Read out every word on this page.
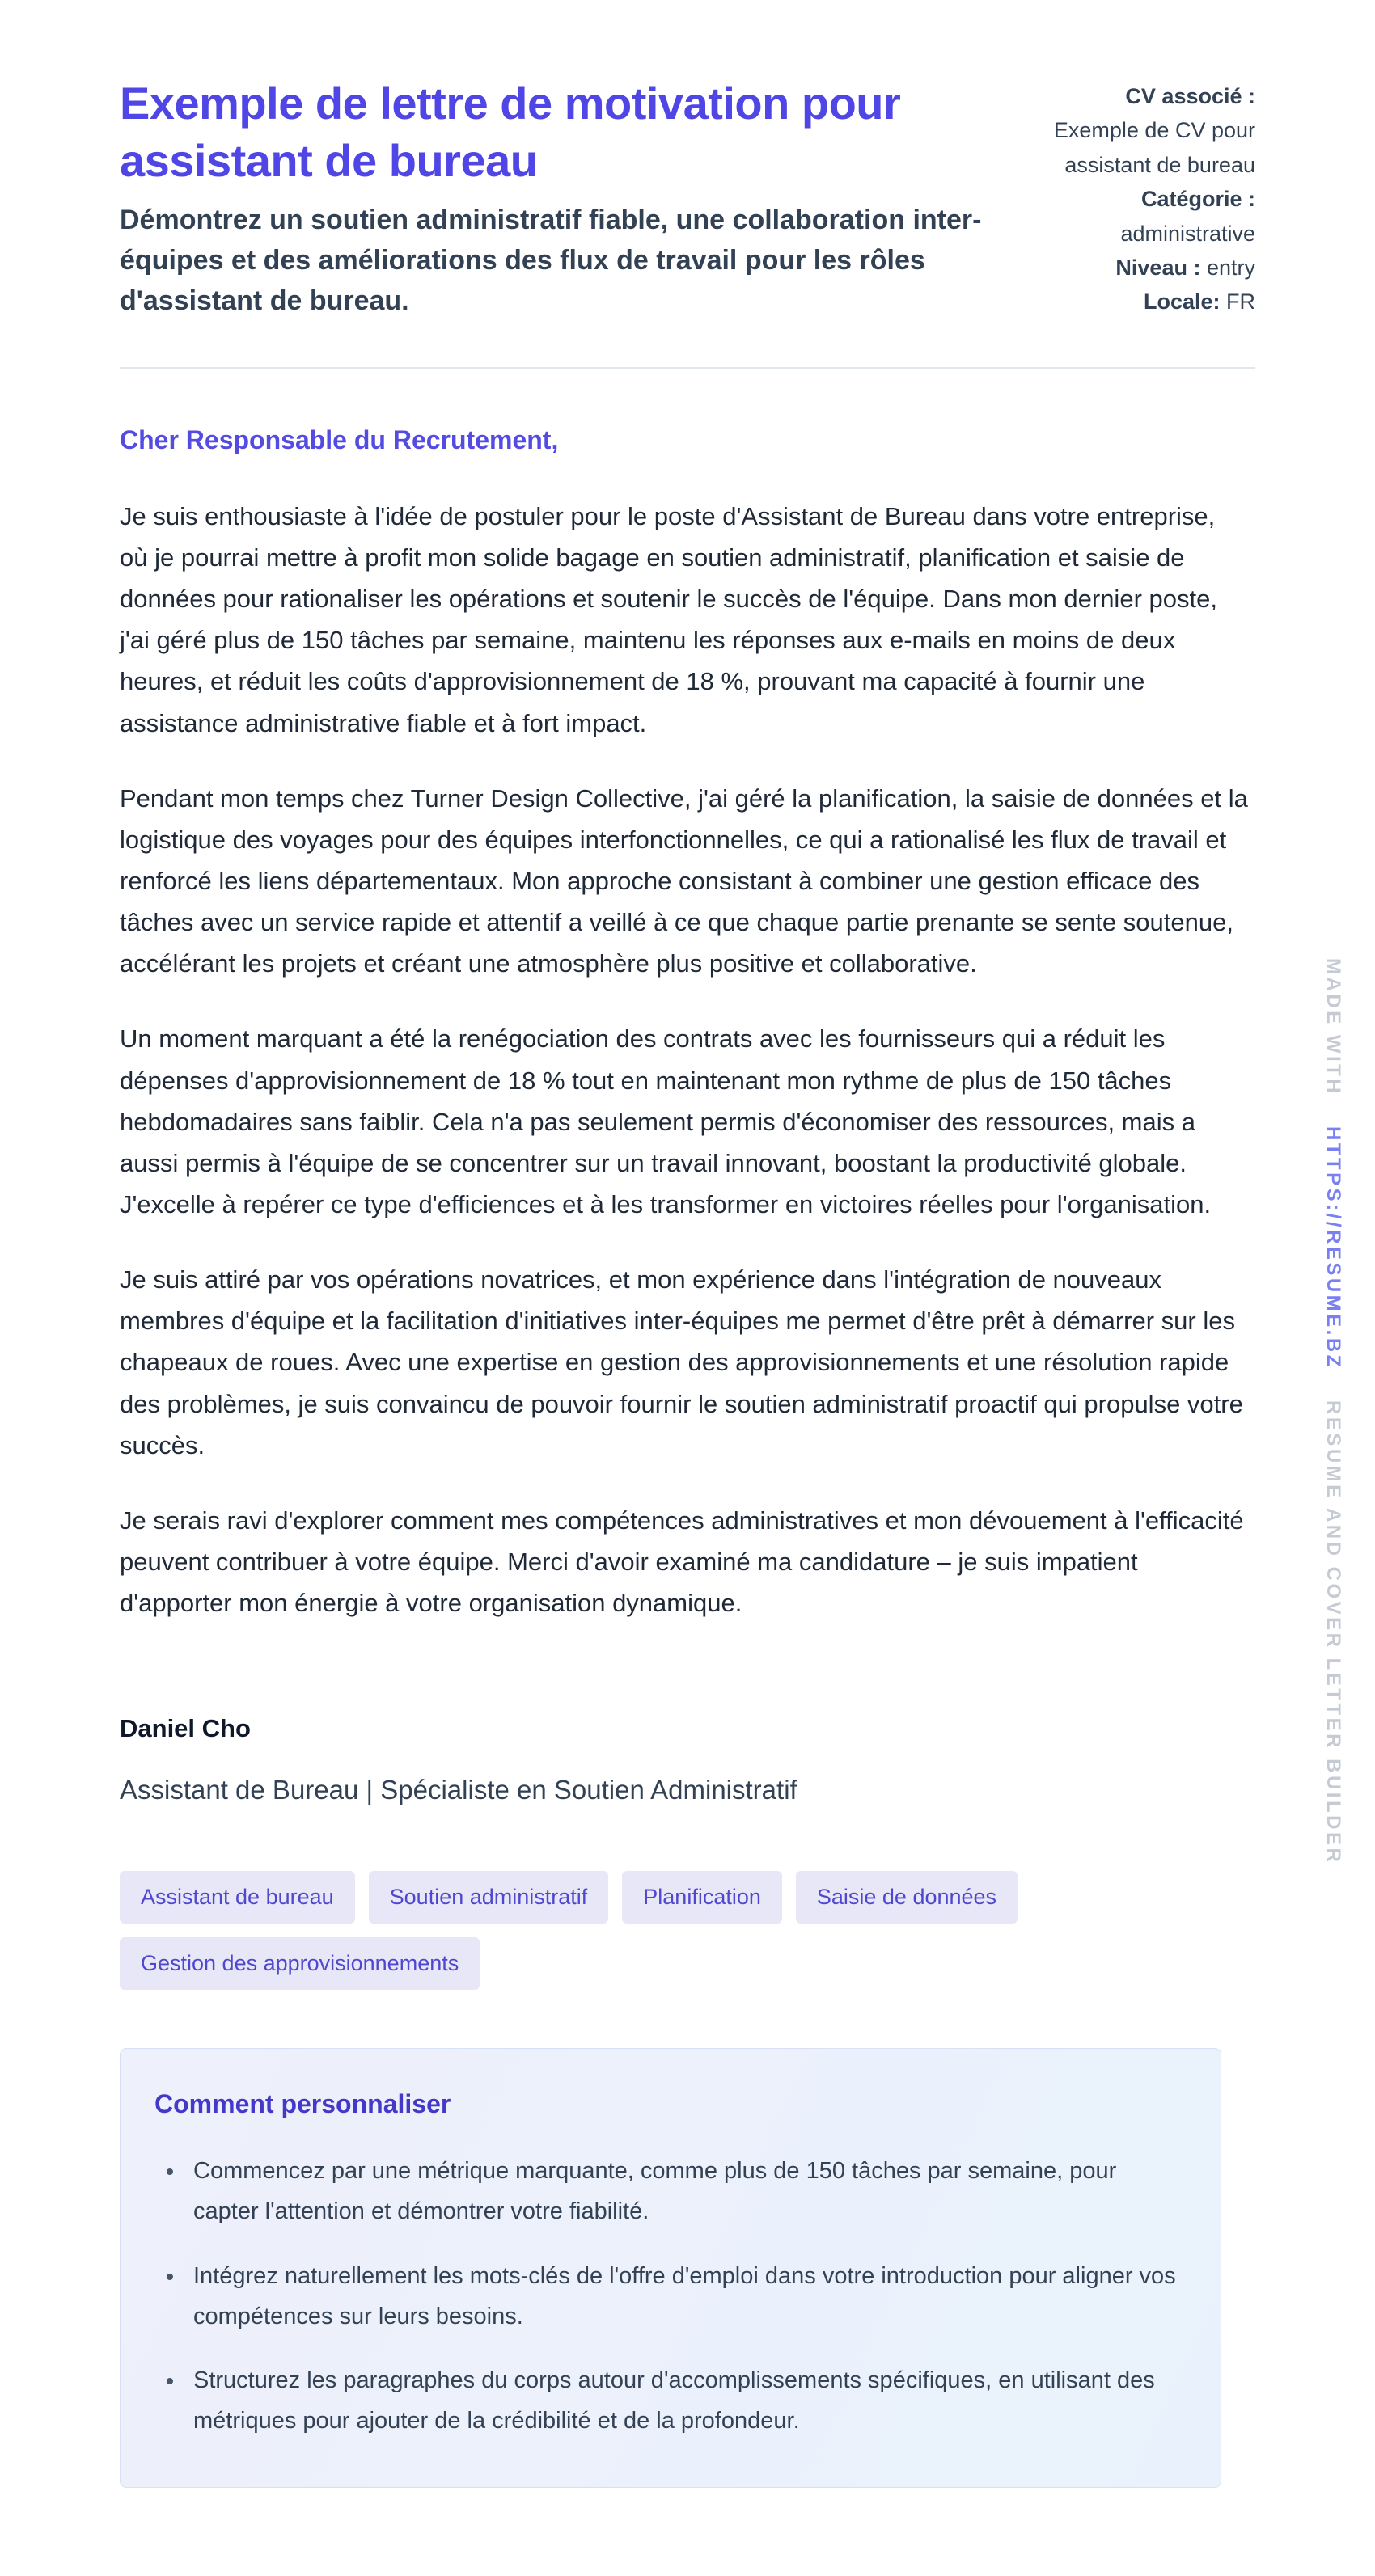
MADE WITHHTTPS://RESUME.BZRESUME AND COVER LETTER BUILDER
Exemple de lettre de motivation pour assistant de bureau

Démontrez un soutien administratif fiable, une collaboration inter-équipes et des améliorations des flux de travail pour les rôles d'assistant de bureau.

CV associé : Exemple de CV pour assistant de bureau

Catégorie : administrative

Niveau : entry

Locale: FR

Cher Responsable du Recrutement,

Je suis enthousiaste à l'idée de postuler pour le poste d'Assistant de Bureau dans votre entreprise, où je pourrai mettre à profit mon solide bagage en soutien administratif, planification et saisie de données pour rationaliser les opérations et soutenir le succès de l'équipe. Dans mon dernier poste, j'ai géré plus de 150 tâches par semaine, maintenu les réponses aux e-mails en moins de deux heures, et réduit les coûts d'approvisionnement de 18 %, prouvant ma capacité à fournir une assistance administrative fiable et à fort impact.

Pendant mon temps chez Turner Design Collective, j'ai géré la planification, la saisie de données et la logistique des voyages pour des équipes interfonctionnelles, ce qui a rationalisé les flux de travail et renforcé les liens départementaux. Mon approche consistant à combiner une gestion efficace des tâches avec un service rapide et attentif a veillé à ce que chaque partie prenante se sente soutenue, accélérant les projets et créant une atmosphère plus positive et collaborative.

Un moment marquant a été la renégociation des contrats avec les fournisseurs qui a réduit les dépenses d'approvisionnement de 18 % tout en maintenant mon rythme de plus de 150 tâches hebdomadaires sans faiblir. Cela n'a pas seulement permis d'économiser des ressources, mais a aussi permis à l'équipe de se concentrer sur un travail innovant, boostant la productivité globale. J'excelle à repérer ce type d'efficiences et à les transformer en victoires réelles pour l'organisation.

Je suis attiré par vos opérations novatrices, et mon expérience dans l'intégration de nouveaux membres d'équipe et la facilitation d'initiatives inter-équipes me permet d'être prêt à démarrer sur les chapeaux de roues. Avec une expertise en gestion des approvisionnements et une résolution rapide des problèmes, je suis convaincu de pouvoir fournir le soutien administratif proactif qui propulse votre succès.

Je serais ravi d'explorer comment mes compétences administratives et mon dévouement à l'efficacité peuvent contribuer à votre équipe. Merci d'avoir examiné ma candidature – je suis impatient d'apporter mon énergie à votre organisation dynamique.

Daniel Cho

Assistant de Bureau | Spécialiste en Soutien Administratif

Assistant de bureau	Soutien administratif	Planification	Saisie de données
Gestion des approvisionnements
Comment personnaliser
• Commencez par une métrique marquante, comme plus de 150 tâches par semaine, pour capter l'attention et démontrer votre fiabilité.
• Intégrez naturellement les mots-clés de l'offre d'emploi dans votre introduction pour aligner vos compétences sur leurs besoins.
• Structurez les paragraphes du corps autour d'accomplissements spécifiques, en utilisant des métriques pour ajouter de la crédibilité et de la profondeur.
